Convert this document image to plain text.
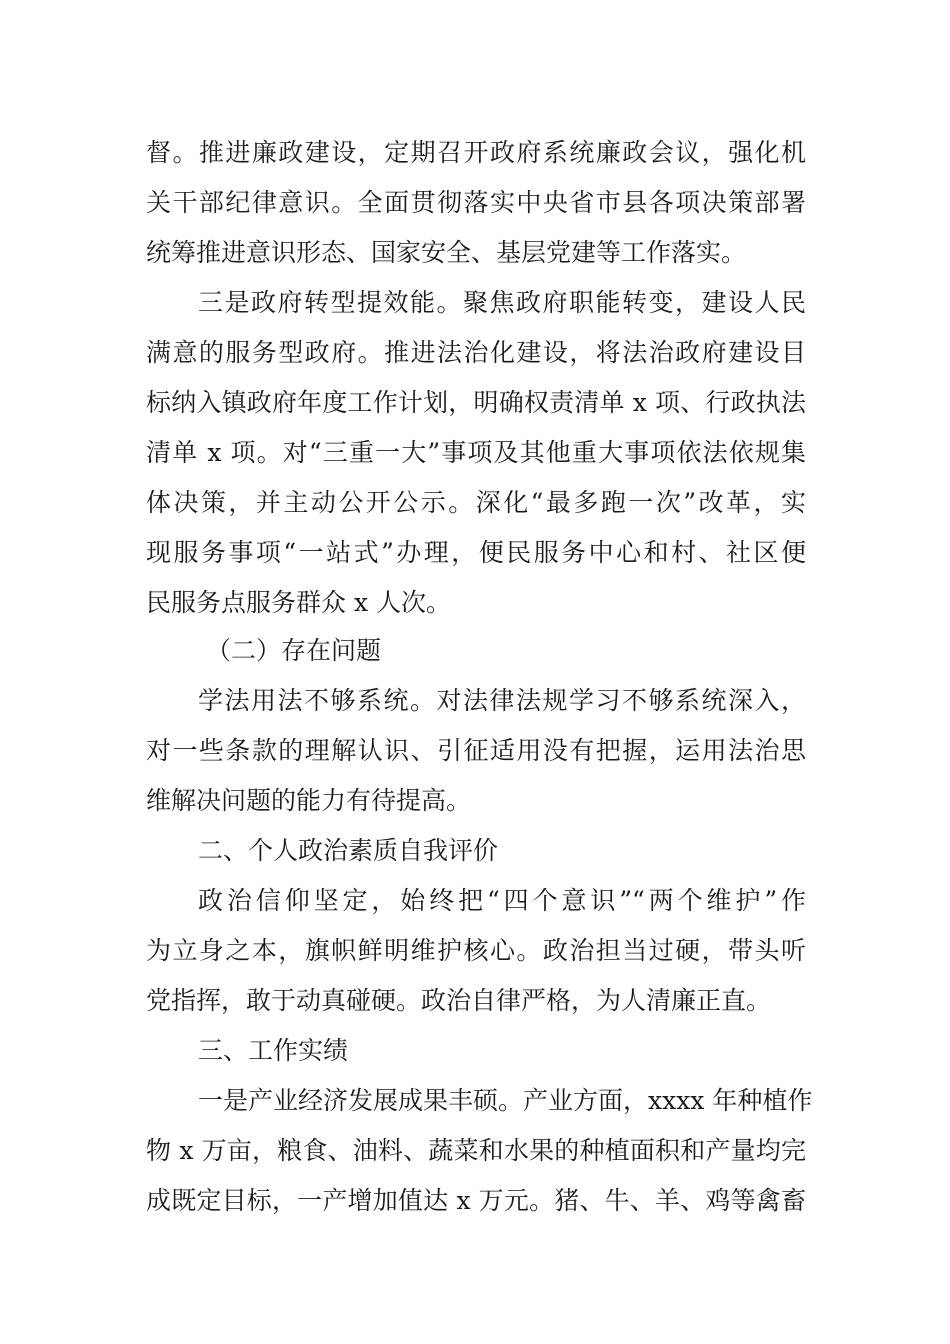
督。推进廉政建设，定期召开政府系统廉政会议，强化机
关干部纪律意识。全面贯彻落实中央省市县各项决策部署
统筹推进意识形态、国家安全、基层党建等工作落实。
三是政府转型提效能。聚焦政府职能转变，建设人民
满意的服务型政府。推进法治化建设，将法治政府建设目
标纳入镇政府年度工作计划，明确权责清单 x 项、行政执法
清单 x 项。对“三重一大”事项及其他重大事项依法依规集
体决策，并主动公开公示。深化“最多跑一次”改革，实
现服务事项“一站式”办理，便民服务中心和村、社区便
民服务点服务群众 x 人次。
（二）存在问题
学法用法不够系统。对法律法规学习不够系统深入，
对一些条款的理解认识、引征适用没有把握，运用法治思
维解决问题的能力有待提高。
二、个人政治素质自我评价
政治信仰坚定，始终把“四个意识”“两个维护”作
为立身之本，旗帜鲜明维护核心。政治担当过硬，带头听
党指挥，敢于动真碰硬。政治自律严格，为人清廉正直。
三、工作实绩
一是产业经济发展成果丰硕。产业方面，xxxx 年种植作
物 x 万亩，粮食、油料、蔬菜和水果的种植面积和产量均完
成既定目标，一产增加值达 x 万元。猪、牛、羊、鸡等禽畜
